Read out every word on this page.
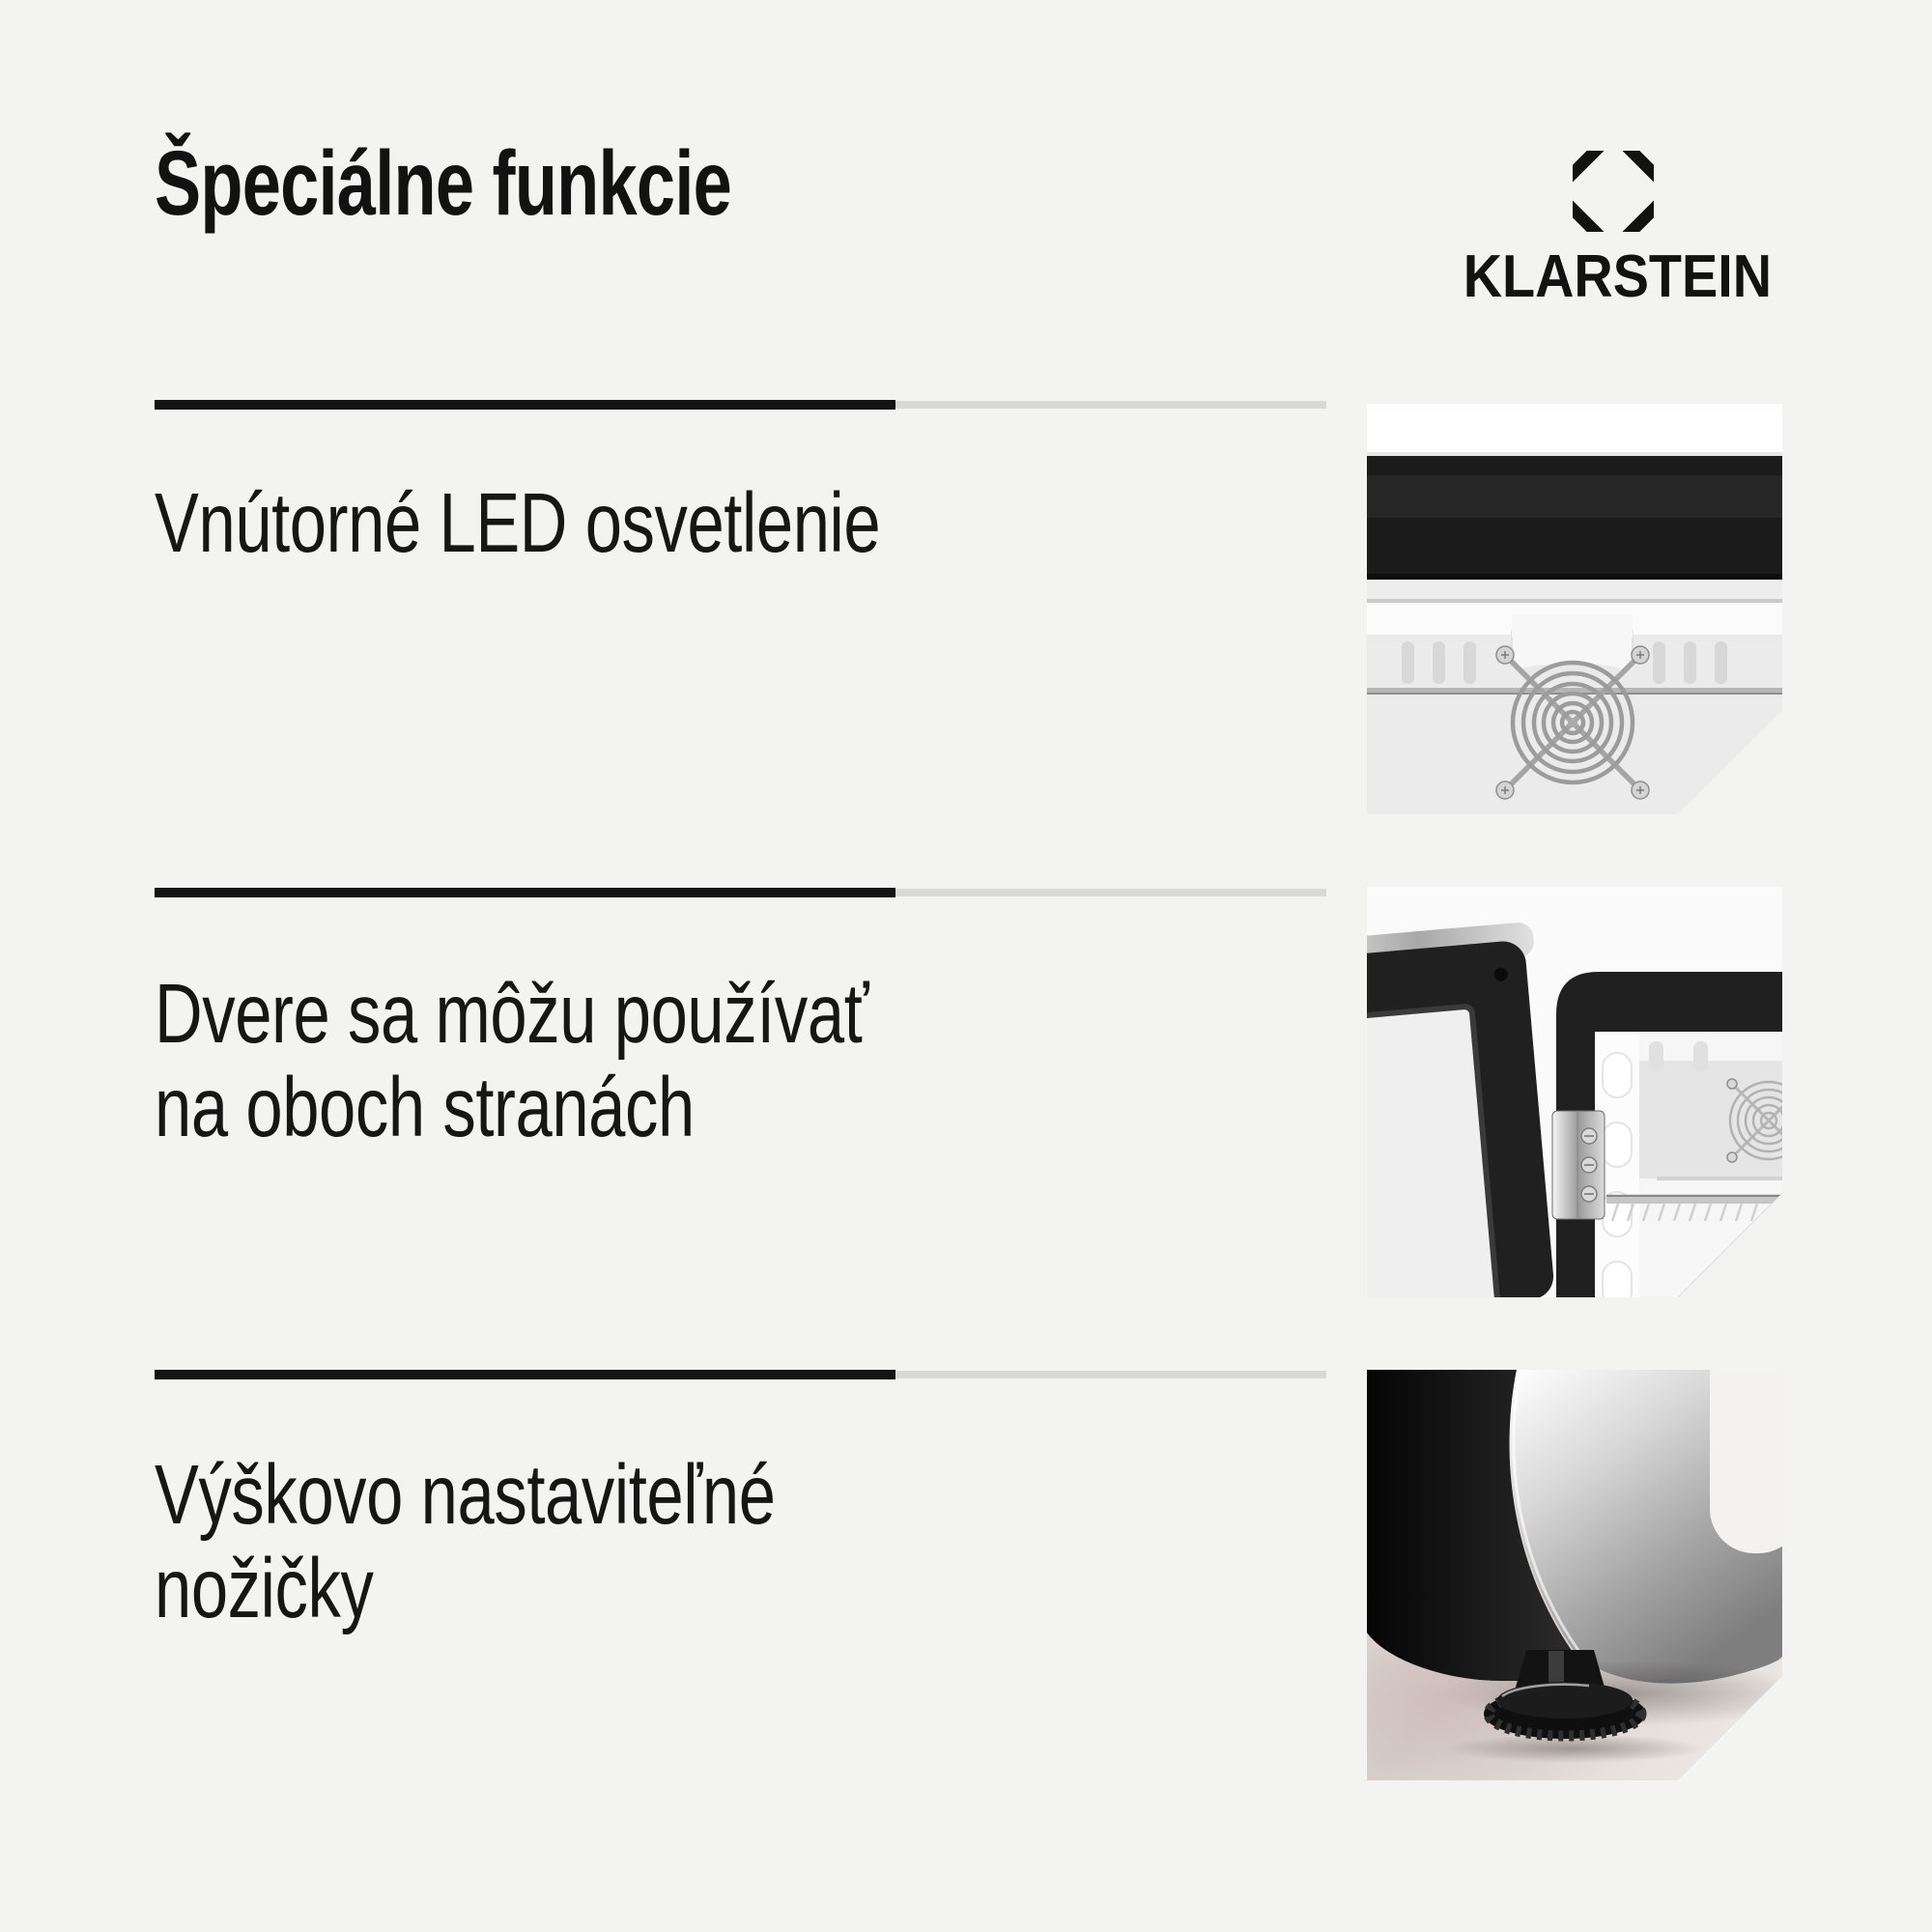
Špeciálne funkcie
KLARSTEIN
Vnútorné LED osvetlenie
Dvere sa môžu používať
na oboch stranách
Výškovo nastaviteľné
nožičky
